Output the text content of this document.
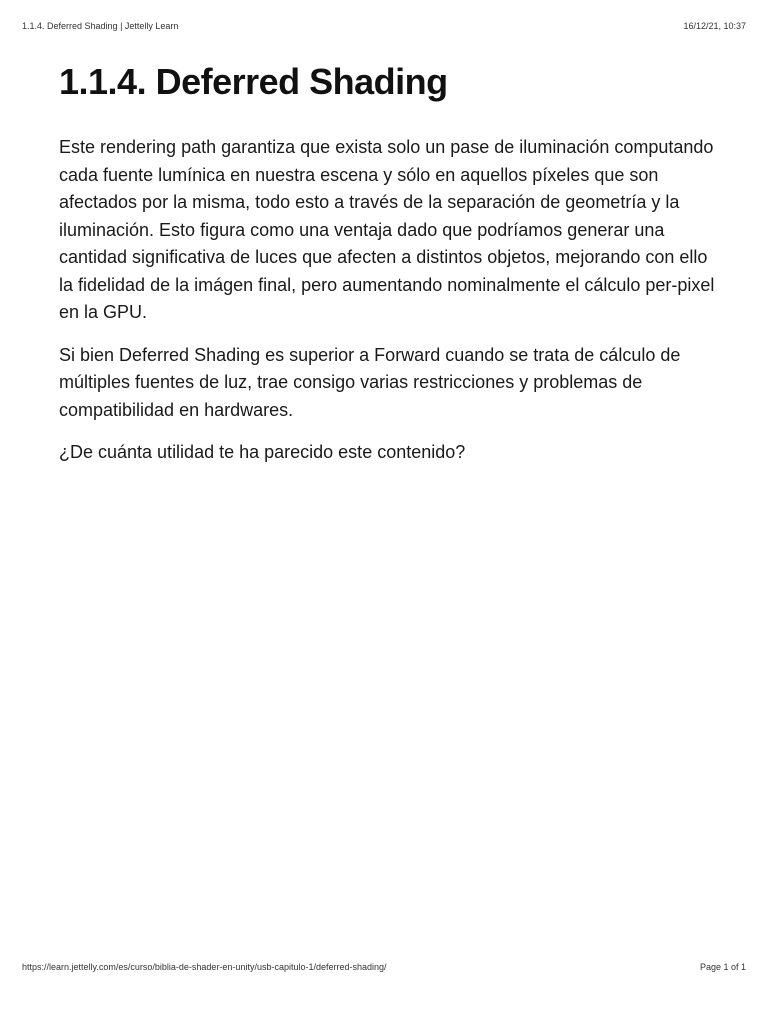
1.1.4. Deferred Shading | Jettelly Learn	16/12/21, 10:37
1.1.4. Deferred Shading

Este rendering path garantiza que exista solo un pase de iluminación computando cada fuente lumínica en nuestra escena y sólo en aquellos píxeles que son afectados por la misma, todo esto a través de la separación de geometría y la iluminación. Esto figura como una ventaja dado que podríamos generar una cantidad significativa de luces que afecten a distintos objetos, mejorando con ello la fidelidad de la imágen final, pero aumentando nominalmente el cálculo per-pixel en la GPU.

Si bien Deferred Shading es superior a Forward cuando se trata de cálculo de múltiples fuentes de luz, trae consigo varias restricciones y problemas de compatibilidad en hardwares.

¿De cuánta utilidad te ha parecido este contenido?

https://learn.jettelly.com/es/curso/biblia-de-shader-en-unity/usb-capitulo-1/deferred-shading/	Page 1 of 1
